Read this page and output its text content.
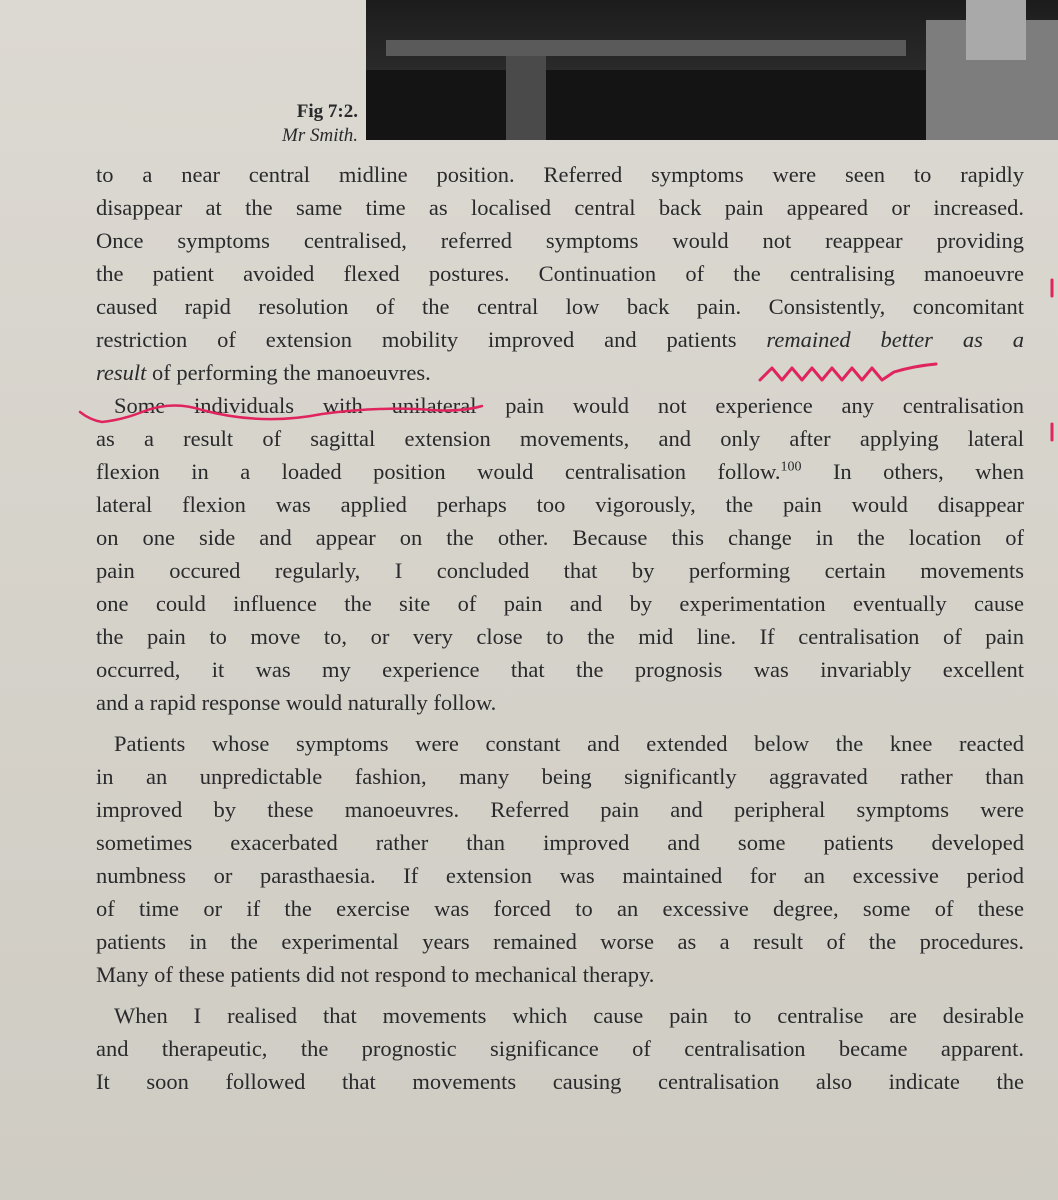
Fig 7:2.
Mr Smith.
to a near central midline position. Referred symptoms were seen to rapidly
disappear at the same time as localised central back pain appeared or increased.
Once symptoms centralised, referred symptoms would not reappear providing
the patient avoided flexed postures. Continuation of the centralising manoeuvre
caused rapid resolution of the central low back pain. Consistently, concomitant
restriction of extension mobility improved and patients remained better as a
result of performing the manoeuvres.
Some individuals with unilateral pain would not experience any centralisation
as a result of sagittal extension movements, and only after applying lateral
flexion in a loaded position would centralisation follow.$^{100}$ In others, when
lateral flexion was applied perhaps too vigorously, the pain would disappear
on one side and appear on the other. Because this change in the location of
pain occured regularly, I concluded that by performing certain movements
one could influence the site of pain and by experimentation eventually cause
the pain to move to, or very close to the mid line. If centralisation of pain
occurred, it was my experience that the prognosis was invariably excellent
and a rapid response would naturally follow.
Patients whose symptoms were constant and extended below the knee reacted
in an unpredictable fashion, many being significantly aggravated rather than
improved by these manoeuvres. Referred pain and peripheral symptoms were
sometimes exacerbated rather than improved and some patients developed
numbness or parasthaesia. If extension was maintained for an excessive period
of time or if the exercise was forced to an excessive degree, some of these
patients in the experimental years remained worse as a result of the procedures.
Many of these patients did not respond to mechanical therapy.
When I realised that movements which cause pain to centralise are desirable
and therapeutic, the prognostic significance of centralisation became apparent.
It soon followed that movements causing centralisation also indicate the
